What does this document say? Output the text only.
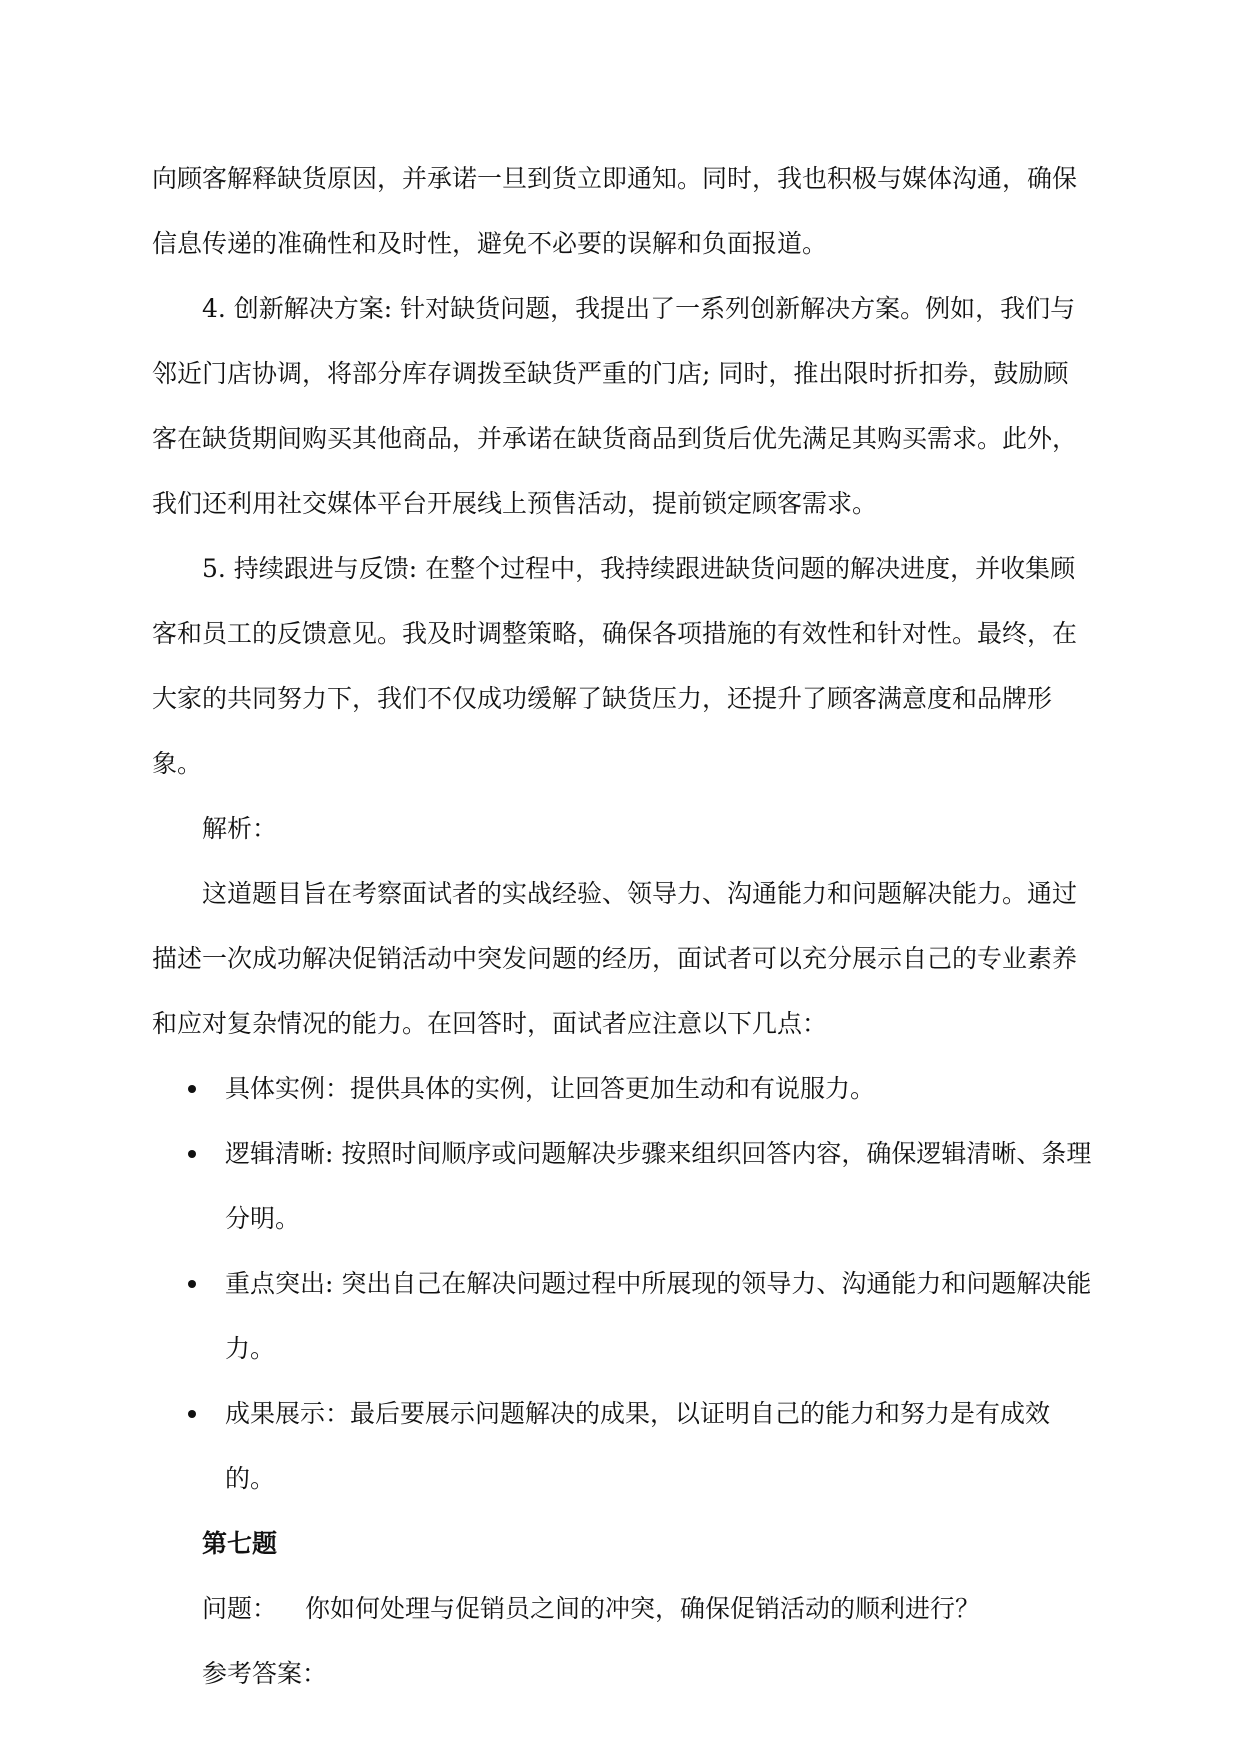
向顾客解释缺货原因，并承诺一旦到货立即通知。同时，我也积极与媒体沟通，确保信息传递的准确性和及时性，避免不必要的误解和负面报道。

4. 创新解决方案: 针对缺货问题，我提出了一系列创新解决方案。例如，我们与邻近门店协调，将部分库存调拨至缺货严重的门店; 同时，推出限时折扣券，鼓励顾客在缺货期间购买其他商品，并承诺在缺货商品到货后优先满足其购买需求。此外，我们还利用社交媒体平台开展线上预售活动，提前锁定顾客需求。

5. 持续跟进与反馈: 在整个过程中，我持续跟进缺货问题的解决进度，并收集顾客和员工的反馈意见。我及时调整策略，确保各项措施的有效性和针对性。最终，在大家的共同努力下，我们不仅成功缓解了缺货压力，还提升了顾客满意度和品牌形象。

解析：

这道题目旨在考察面试者的实战经验、领导力、沟通能力和问题解决能力。通过描述一次成功解决促销活动中突发问题的经历，面试者可以充分展示自己的专业素养和应对复杂情况的能力。在回答时，面试者应注意以下几点：

具体实例：提供具体的实例，让回答更加生动和有说服力。
逻辑清晰: 按照时间顺序或问题解决步骤来组织回答内容，确保逻辑清晰、条理分明。
重点突出: 突出自己在解决问题过程中所展现的领导力、沟通能力和问题解决能力。
成果展示：最后要展示问题解决的成果，以证明自己的能力和努力是有成效的。

第七题

问题： 你如何处理与促销员之间的冲突，确保促销活动的顺利进行？

参考答案：
